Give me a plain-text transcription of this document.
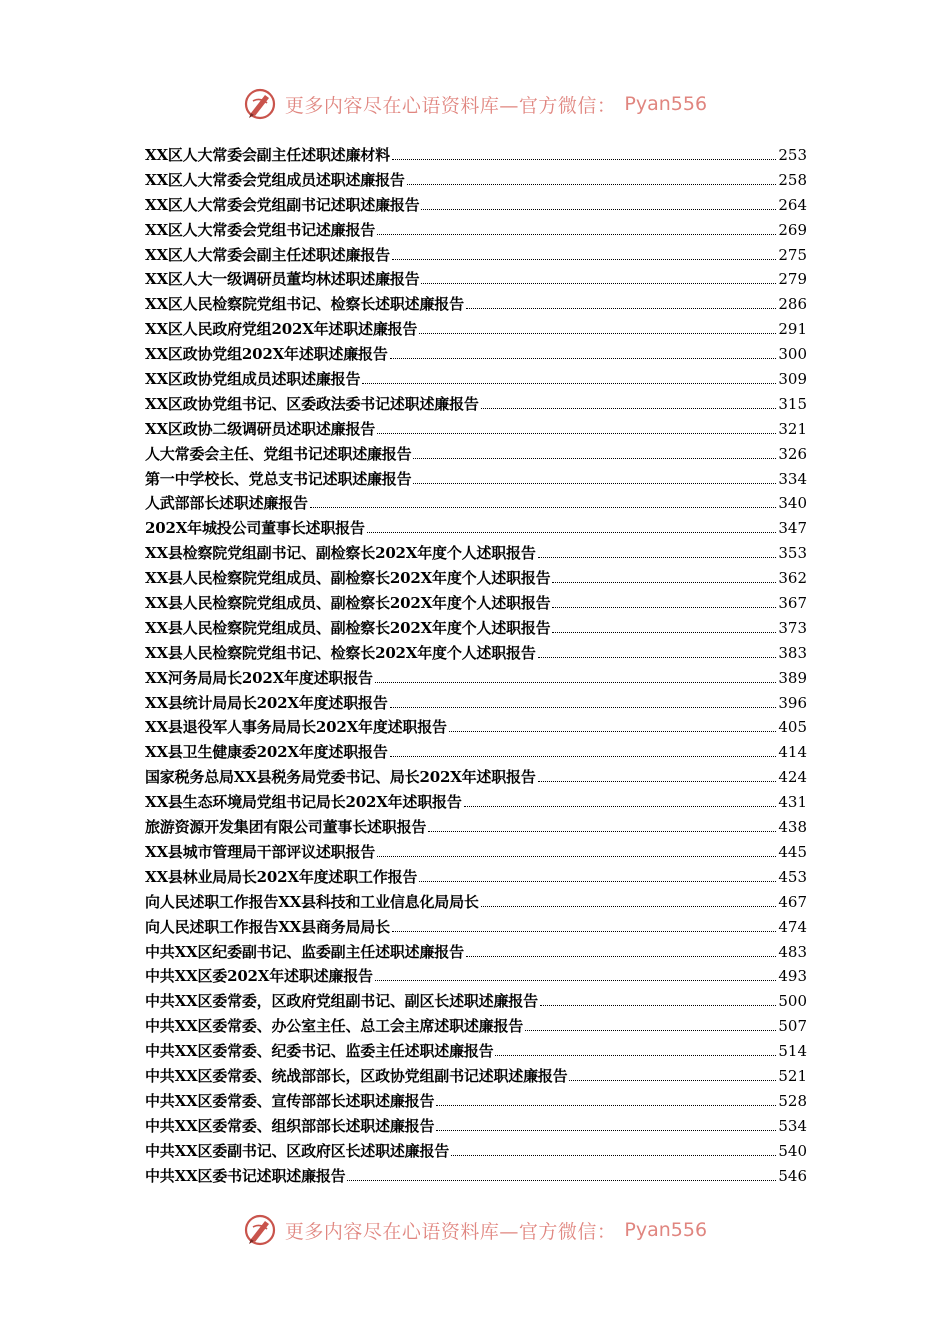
更多内容尽在心语资料库—官方微信： Pyan556
XX区人大常委会副主任述职述廉材料	253
XX区人大常委会党组成员述职述廉报告	258
XX区人大常委会党组副书记述职述廉报告	264
XX区人大常委会党组书记述廉报告	269
XX区人大常委会副主任述职述廉报告	275
XX区人大一级调研员董均林述职述廉报告	279
XX区人民检察院党组书记、检察长述职述廉报告	286
XX区人民政府党组202X年述职述廉报告	291
XX区政协党组202X年述职述廉报告	300
XX区政协党组成员述职述廉报告	309
XX区政协党组书记、区委政法委书记述职述廉报告	315
XX区政协二级调研员述职述廉报告	321
人大常委会主任、党组书记述职述廉报告	326
第一中学校长、党总支书记述职述廉报告	334
人武部部长述职述廉报告	340
202X年城投公司董事长述职报告	347
XX县检察院党组副书记、副检察长202X年度个人述职报告	353
XX县人民检察院党组成员、副检察长202X年度个人述职报告	362
XX县人民检察院党组成员、副检察长202X年度个人述职报告	367
XX县人民检察院党组成员、副检察长202X年度个人述职报告	373
XX县人民检察院党组书记、检察长202X年度个人述职报告	383
XX河务局局长202X年度述职报告	389
XX县统计局局长202X年度述职报告	396
XX县退役军人事务局局长202X年度述职报告	405
XX县卫生健康委202X年度述职报告	414
国家税务总局XX县税务局党委书记、局长202X年述职报告	424
XX县生态环境局党组书记局长202X年述职报告	431
旅游资源开发集团有限公司董事长述职报告	438
XX县城市管理局干部评议述职报告	445
XX县林业局局长202X年度述职工作报告	453
向人民述职工作报告XX县科技和工业信息化局局长	467
向人民述职工作报告XX县商务局局长	474
中共XX区纪委副书记、监委副主任述职述廉报告	483
中共XX区委202X年述职述廉报告	493
中共XX区委常委，区政府党组副书记、副区长述职述廉报告	500
中共XX区委常委、办公室主任、总工会主席述职述廉报告	507
中共XX区委常委、纪委书记、监委主任述职述廉报告	514
中共XX区委常委、统战部部长，区政协党组副书记述职述廉报告	521
中共XX区委常委、宣传部部长述职述廉报告	528
中共XX区委常委、组织部部长述职述廉报告	534
中共XX区委副书记、区政府区长述职述廉报告	540
中共XX区委书记述职述廉报告	546
更多内容尽在心语资料库—官方微信： Pyan556
